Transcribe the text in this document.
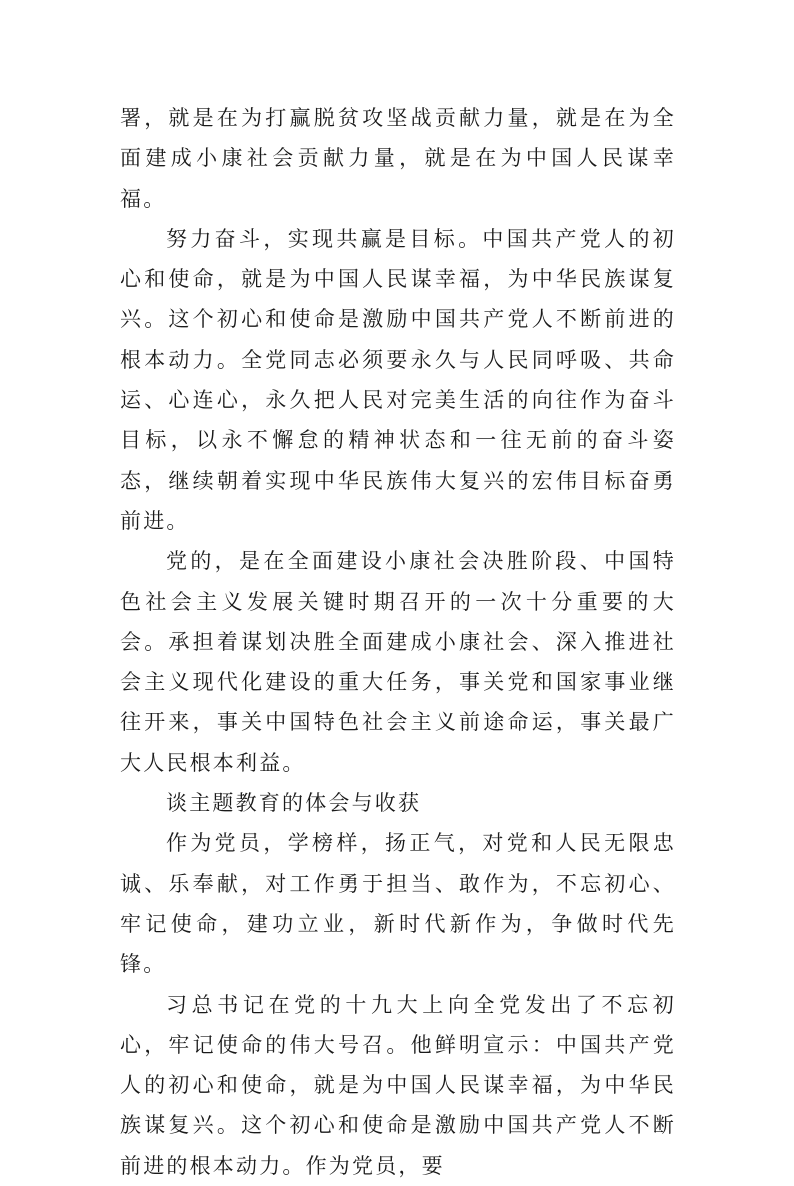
署，就是在为打赢脱贫攻坚战贡献力量，就是在为全面建成小康社会贡献力量，就是在为中国人民谋幸福。

努力奋斗，实现共赢是目标。中国共产党人的初心和使命，就是为中国人民谋幸福，为中华民族谋复兴。这个初心和使命是激励中国共产党人不断前进的根本动力。全党同志必须要永久与人民同呼吸、共命运、心连心，永久把人民对完美生活的向往作为奋斗目标，以永不懈怠的精神状态和一往无前的奋斗姿态，继续朝着实现中华民族伟大复兴的宏伟目标奋勇前进。

党的，是在全面建设小康社会决胜阶段、中国特色社会主义发展关键时期召开的一次十分重要的大会。承担着谋划决胜全面建成小康社会、深入推进社会主义现代化建设的重大任务，事关党和国家事业继往开来，事关中国特色社会主义前途命运，事关最广大人民根本利益。

谈主题教育的体会与收获

作为党员，学榜样，扬正气，对党和人民无限忠诚、乐奉献，对工作勇于担当、敢作为，不忘初心、牢记使命，建功立业，新时代新作为，争做时代先锋。

习总书记在党的十九大上向全党发出了不忘初心，牢记使命的伟大号召。他鲜明宣示：中国共产党人的初心和使命，就是为中国人民谋幸福，为中华民族谋复兴。这个初心和使命是激励中国共产党人不断前进的根本动力。作为党员，要
